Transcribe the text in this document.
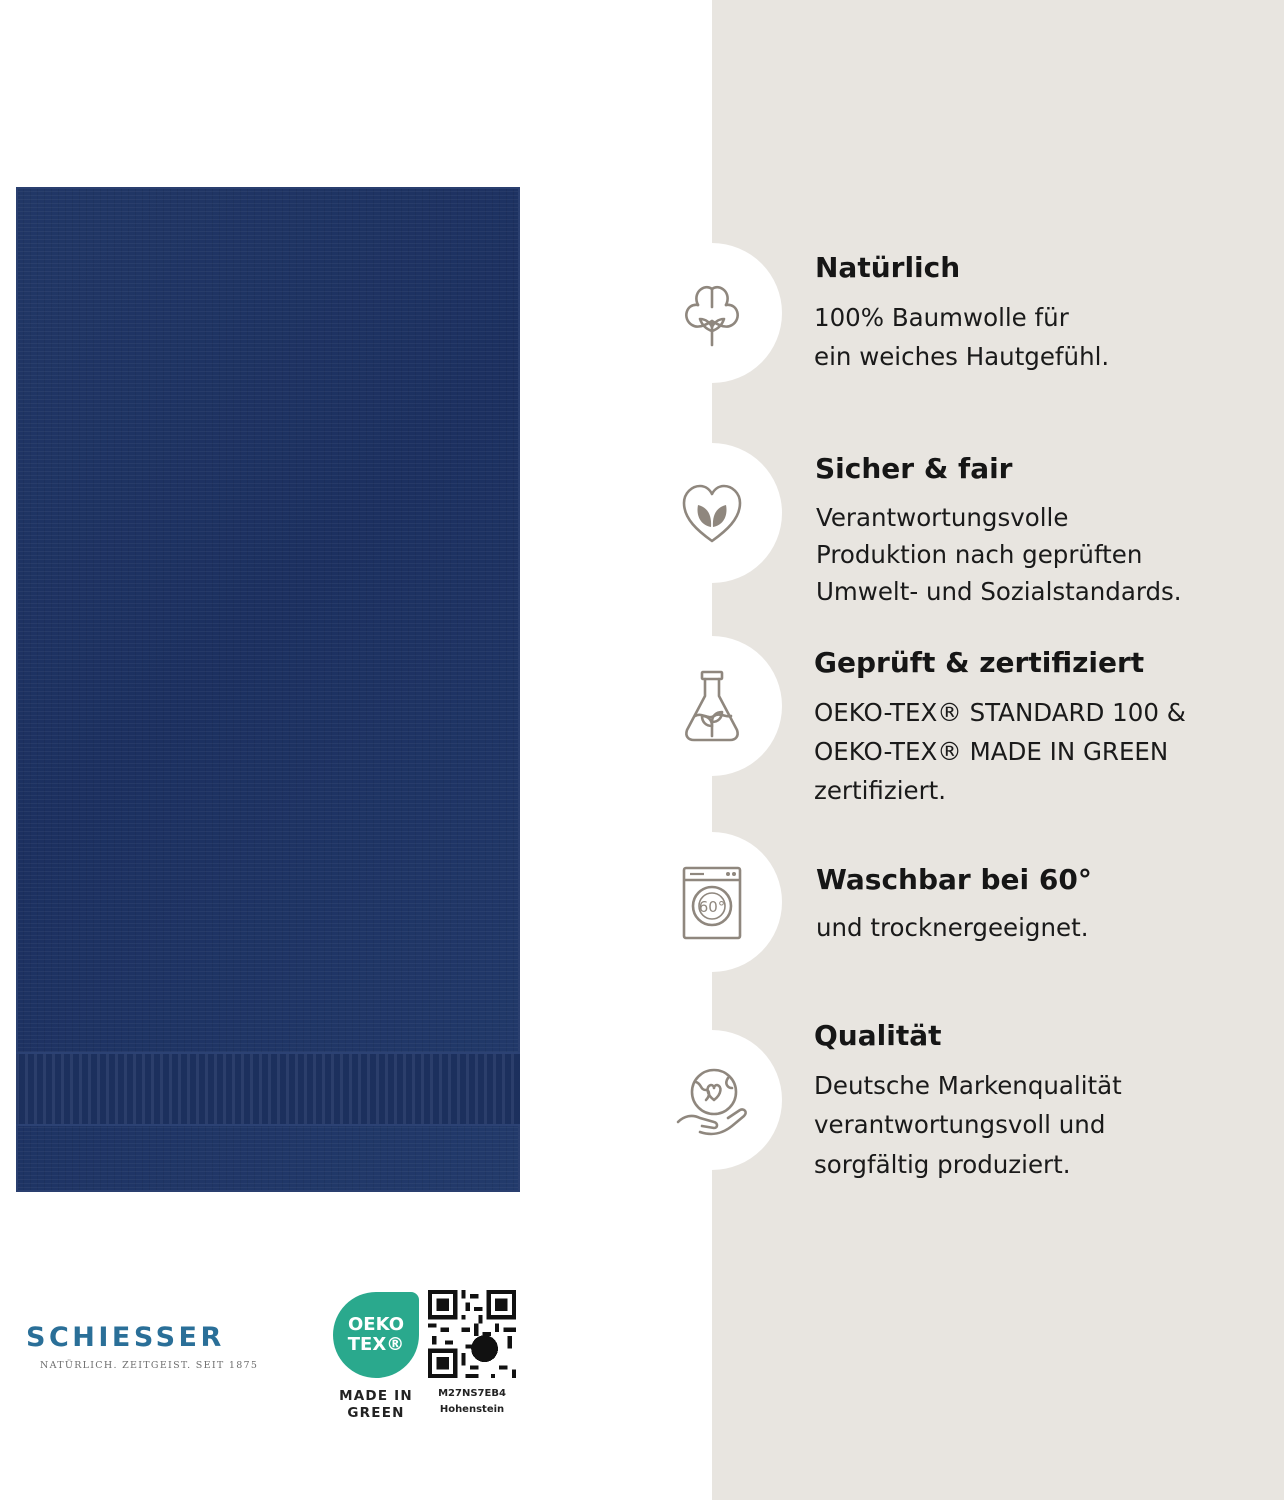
Natürlich
100% Baumwolle für
ein weiches Hautgefühl.
Sicher & fair
Verantwortungsvolle
Produktion nach geprüften
Umwelt- und Sozialstandards.
Geprüft & zertifiziert
OEKO-TEX® STANDARD 100 &
OEKO-TEX® MADE IN GREEN
zertifiziert.
60°
Waschbar bei 60°
und trocknergeeignet.
Qualität
Deutsche Markenqualität
verantwortungsvoll und
sorgfältig produziert.
SCHIESSER
NATÜRLICH. ZEITGEIST. SEIT 1875
OEKO
TEX®
MADE IN
GREEN
M27NS7EB4
Hohenstein
